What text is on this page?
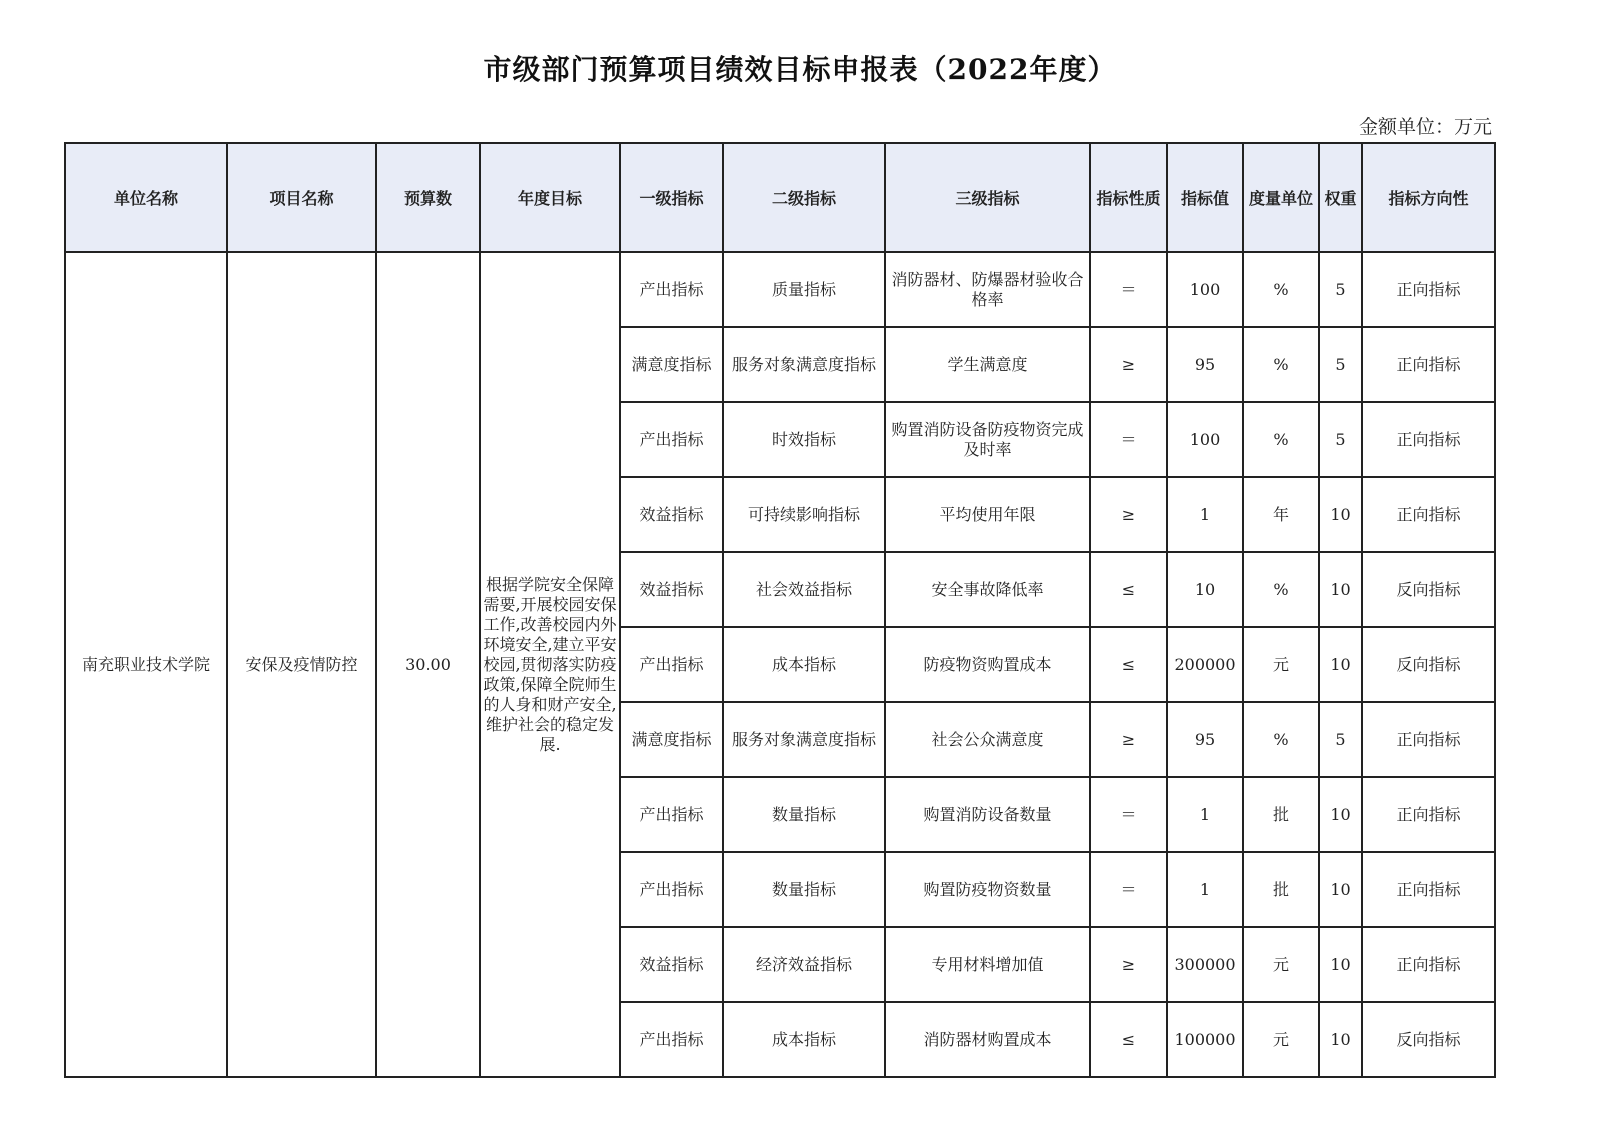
市级部门预算项目绩效目标申报表（2022年度）
金额单位：万元
单位名称	项目名称	预算数	年度目标	一级指标	二级指标	三级指标	指标性质	指标值	度量单位	权重	指标方向性
南充职业技术学院	安保及疫情防控	30.00	根据学院安全保障需要,开展校园安保工作,改善校园内外环境安全,建立平安校园,贯彻落实防疫政策,保障全院师生的人身和财产安全,维护社会的稳定发展.	产出指标	质量指标	消防器材、防爆器材验收合格率	＝	100	%	5	正向指标
				满意度指标	服务对象满意度指标	学生满意度	≥	95	%	5	正向指标
				产出指标	时效指标	购置消防设备防疫物资完成及时率	＝	100	%	5	正向指标
				效益指标	可持续影响指标	平均使用年限	≥	1	年	10	正向指标
				效益指标	社会效益指标	安全事故降低率	≤	10	%	10	反向指标
				产出指标	成本指标	防疫物资购置成本	≤	200000	元	10	反向指标
				满意度指标	服务对象满意度指标	社会公众满意度	≥	95	%	5	正向指标
				产出指标	数量指标	购置消防设备数量	＝	1	批	10	正向指标
				产出指标	数量指标	购置防疫物资数量	＝	1	批	10	正向指标
				效益指标	经济效益指标	专用材料增加值	≥	300000	元	10	正向指标
				产出指标	成本指标	消防器材购置成本	≤	100000	元	10	反向指标
